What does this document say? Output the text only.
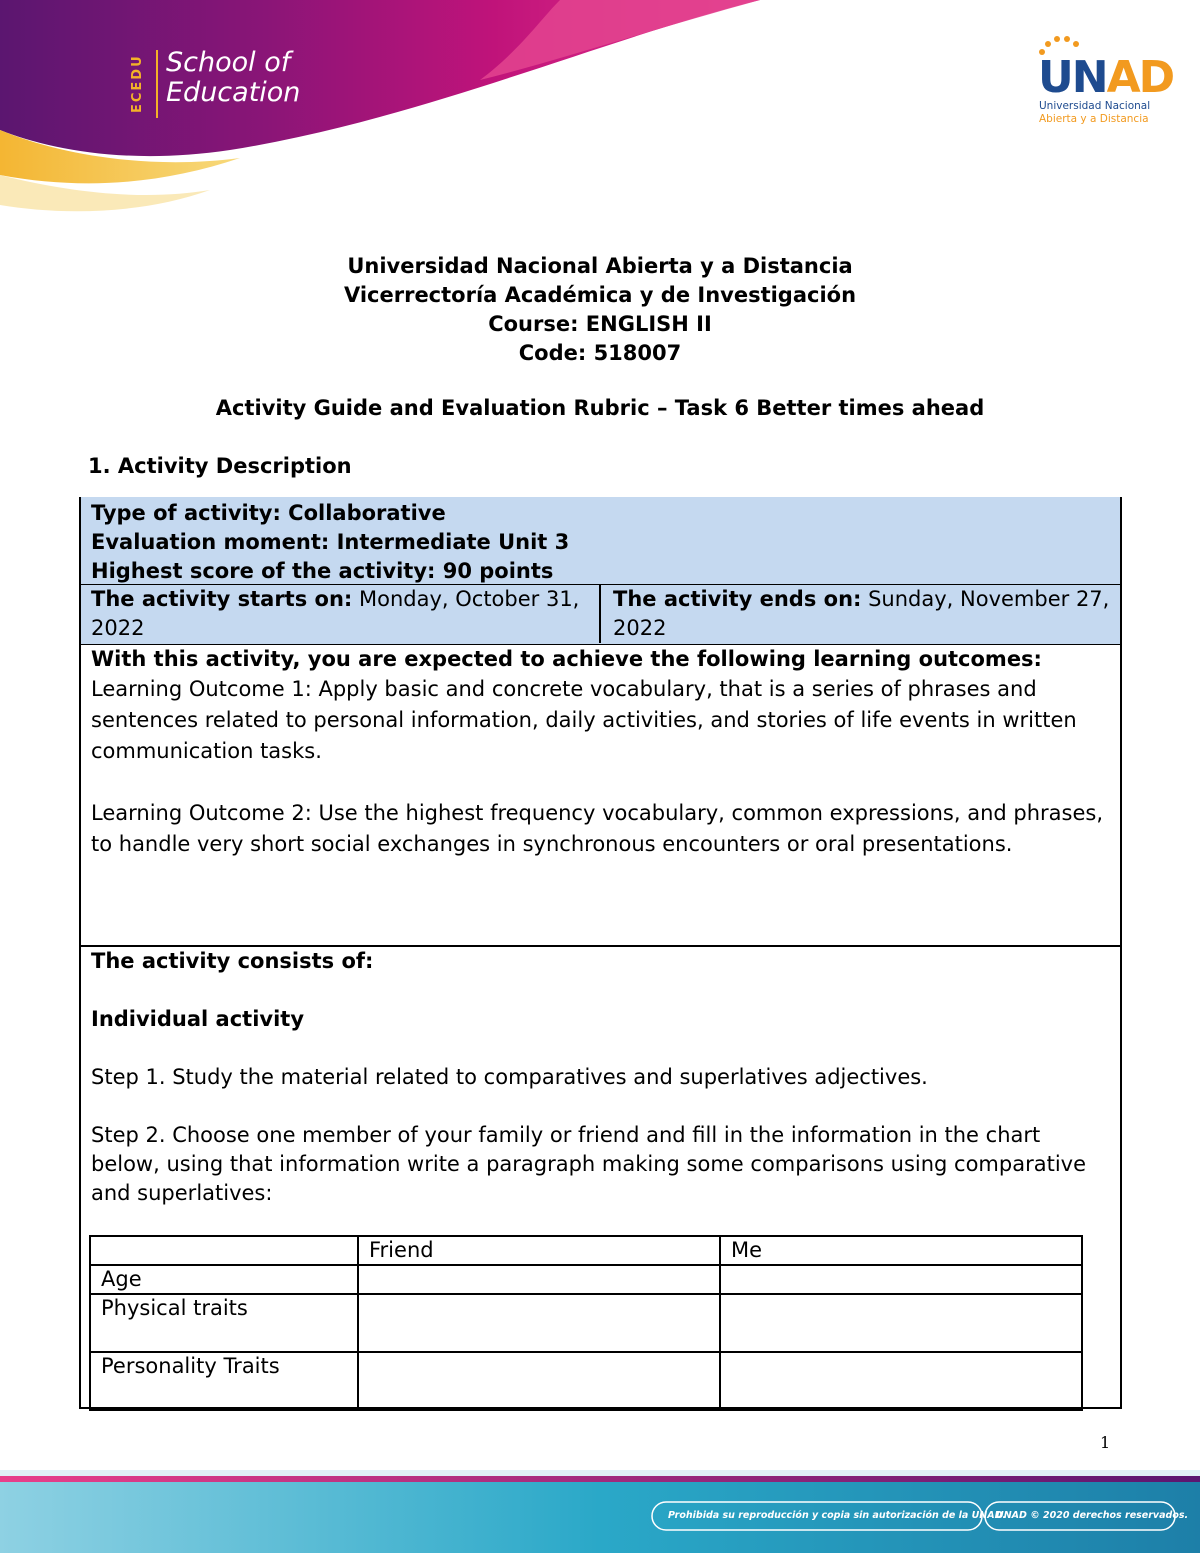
ECEDU School of
Education	UNAD
Universidad Nacional
Abierta y a Distancia
Universidad Nacional Abierta y a Distancia
Vicerrectoría Académica y de Investigación
Course: ENGLISH II
Code: 518007
Activity Guide and Evaluation Rubric – Task 6 Better times ahead
1. Activity Description
Type of activity: Collaborative
Evaluation moment: Intermediate Unit 3
Highest score of the activity: 90 points
The activity starts on: Monday, October 31, 2022
The activity ends on: Sunday, November 27, 2022
With this activity, you are expected to achieve the following learning outcomes:

Learning Outcome 1: Apply basic and concrete vocabulary, that is a series of phrases and sentences related to personal information, daily activities, and stories of life events in written communication tasks.

Learning Outcome 2: Use the highest frequency vocabulary, common expressions, and phrases, to handle very short social exchanges in synchronous encounters or oral presentations.

The activity consists of:

Individual activity

Step 1. Study the material related to comparatives and superlatives adjectives.

Step 2. Choose one member of your family or friend and fill in the information in the chart below, using that information write a paragraph making some comparisons using comparative and superlatives:

	Friend	Me
Age		
Physical traits		
Personality Traits		
1
Prohibida su reproducción y copia sin autorización de la UNAD.
UNAD © 2020 derechos reservados.
